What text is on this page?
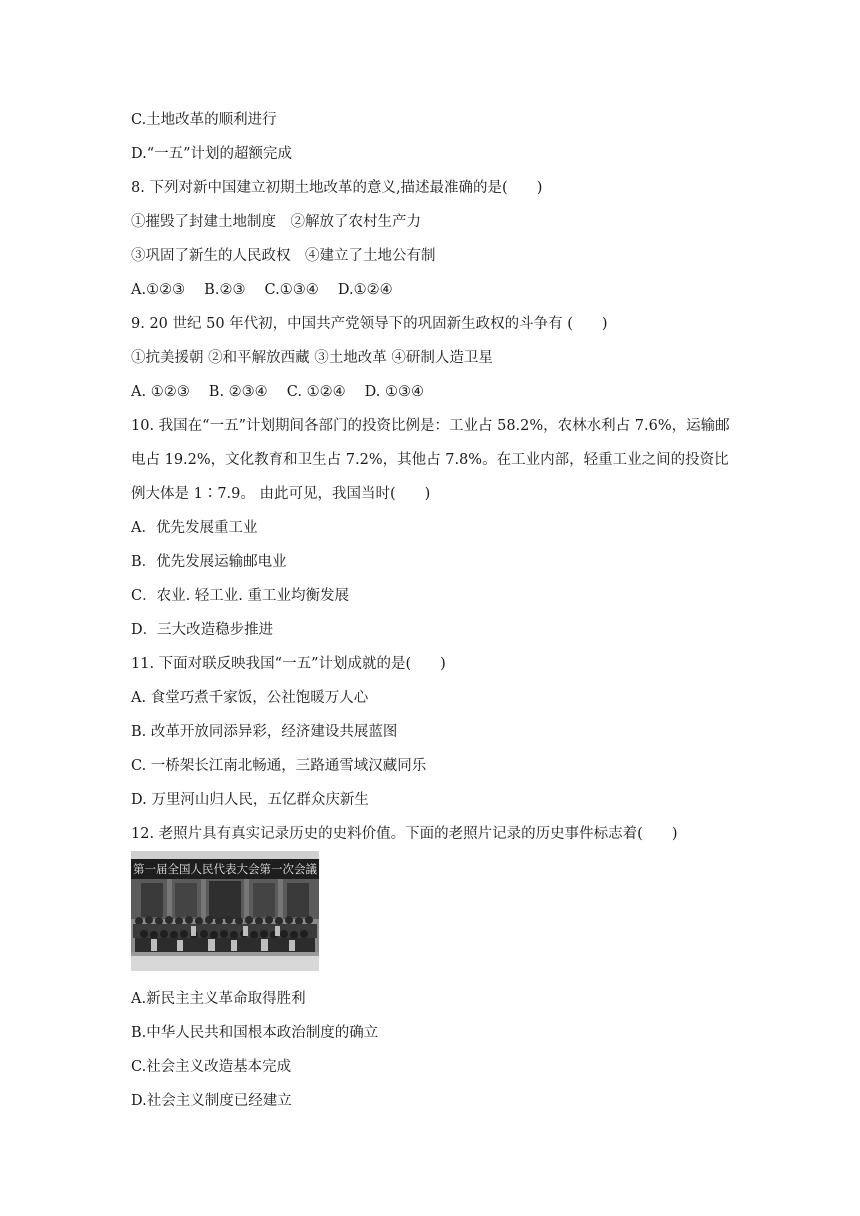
C.土地改革的顺利进行
D.“一五”计划的超额完成
8. 下列对新中国建立初期土地改革的意义,描述最准确的是(　　)
①摧毁了封建土地制度　②解放了农村生产力
③巩固了新生的人民政权　④建立了土地公有制
A.①②③　 B.②③　 C.①③④　 D.①②④
9. 20 世纪 50 年代初，中国共产党领导下的巩固新生政权的斗争有 (　　)
①抗美援朝 ②和平解放西藏 ③土地改革 ④研制人造卫星
A. ①②③　 B. ②③④　 C. ①②④　 D. ①③④
10. 我国在“一五”计划期间各部门的投资比例是：工业占 58.2%，农林水利占 7.6%，运输邮
电占 19.2%，文化教育和卫生占 7.2%，其他占 7.8%。在工业内部，轻重工业之间的投资比
例大体是 1∶7.9。 由此可见，我国当时(　　)
A．优先发展重工业
B．优先发展运输邮电业
C．农业. 轻工业. 重工业均衡发展
D．三大改造稳步推进
11. 下面对联反映我国“一五”计划成就的是(　　)
A. 食堂巧煮千家饭，公社饱暖万人心
B. 改革开放同添异彩，经济建设共展蓝图
C. 一桥架长江南北畅通，三路通雪域汉藏同乐
D. 万里河山归人民，五亿群众庆新生
12. 老照片具有真实记录历史的史料价值。下面的老照片记录的历史事件标志着(　　)
第一届全国人民代表大会第一次会議
A.新民主主义革命取得胜利
B.中华人民共和国根本政治制度的确立
C.社会主义改造基本完成
D.社会主义制度已经建立
